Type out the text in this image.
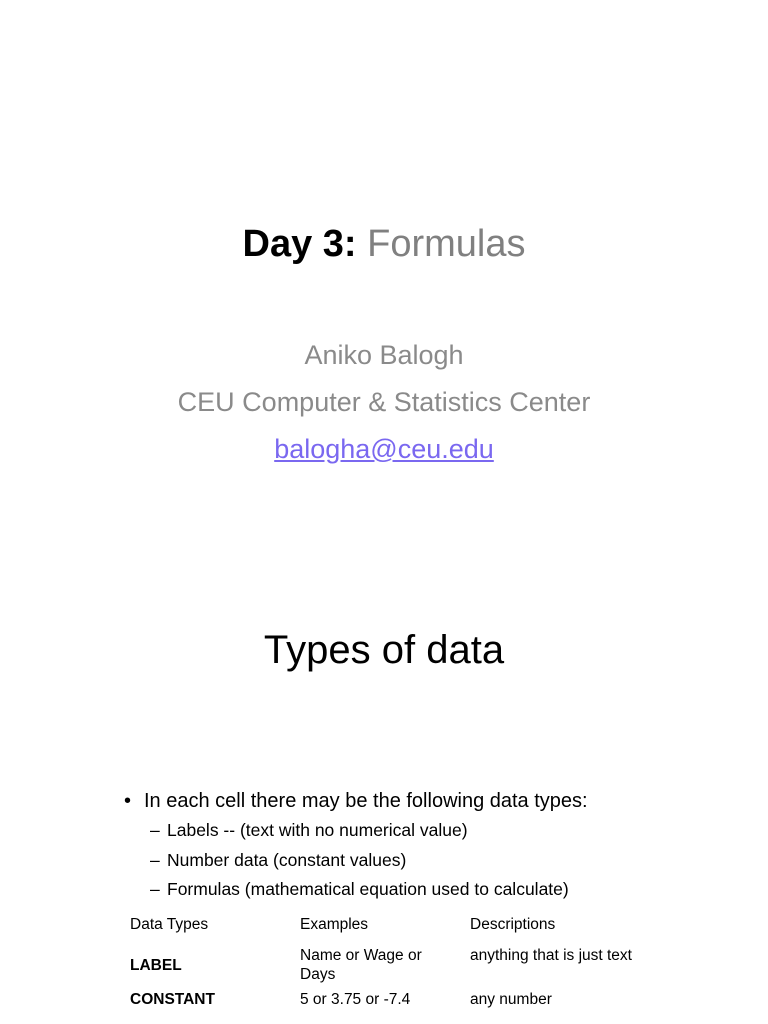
Day 3: Formulas
Aniko Balogh
CEU Computer & Statistics Center
balogha@ceu.edu
Types of data
• In each cell there may be the following data types:
– Labels -- (text with no numerical value)
– Number data (constant values)
– Formulas (mathematical equation used to calculate)
Data Types	Examples	Descriptions
LABEL	Name or Wage or Days	anything that is just text
CONSTANT	5 or 3.75 or -7.4	any number
